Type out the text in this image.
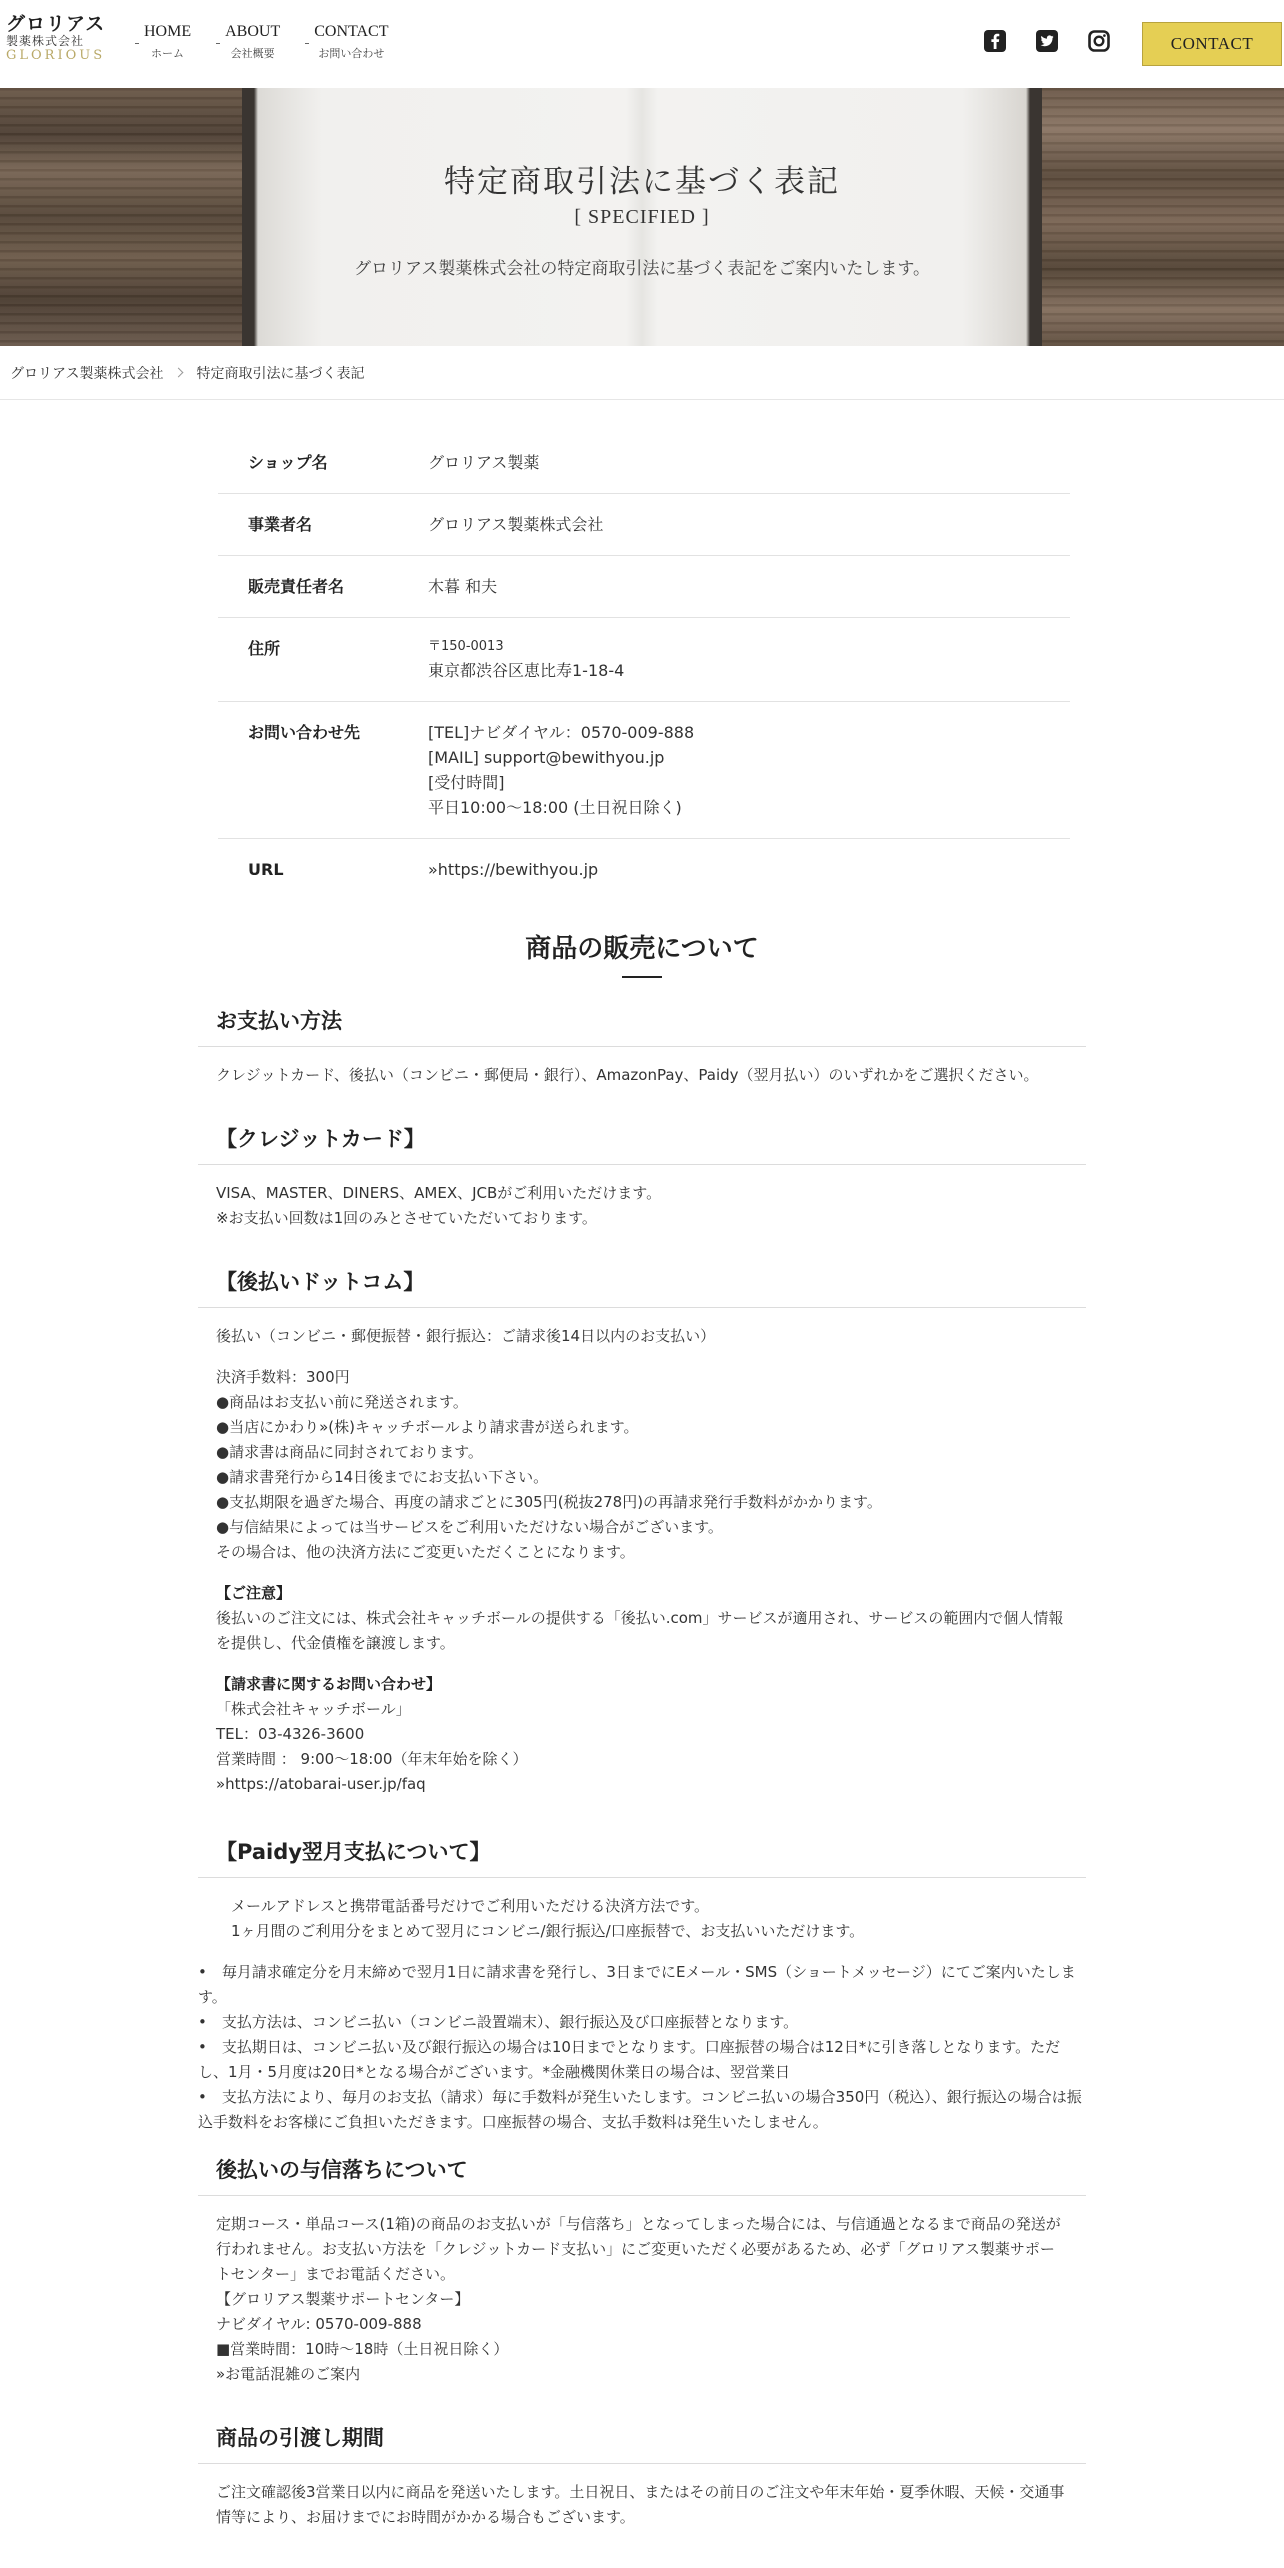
グロリアス
製薬株式会社
GLORIOUS
HOME
ホーム
ABOUT
会社概要
CONTACT
お問い合わせ
CONTACT
特定商取引法に基づく表記
[ SPECIFIED ]
グロリアス製薬株式会社の特定商取引法に基づく表記をご案内いたします。
グロリアス製薬株式会社 特定商取引法に基づく表記
ショップ名	グロリアス製薬
事業者名	グロリアス製薬株式会社
販売責任者名	木暮 和夫
住所	〒150-0013
東京都渋谷区恵比寿1-18-4
お問い合わせ先	[TEL]ナビダイヤル：0570-009-888
[MAIL] support@bewithyou.jp
[受付時間]
平日10:00〜18:00 (土日祝日除く)
URL	»https://bewithyou.jp
商品の販売について
お支払い方法
クレジットカード、後払い（コンビニ・郵便局・銀行）、AmazonPay、Paidy（翌月払い）のいずれかをご選択ください。
【クレジットカード】
VISA、MASTER、DINERS、AMEX、JCBがご利用いただけます。
※お支払い回数は1回のみとさせていただいております。
【後払いドットコム】
後払い（コンビニ・郵便振替・銀行振込：ご請求後14日以内のお支払い）
決済手数料：300円
●商品はお支払い前に発送されます。
●当店にかわり»(株)キャッチボールより請求書が送られます。
●請求書は商品に同封されております。
●請求書発行から14日後までにお支払い下さい。
●支払期限を過ぎた場合、再度の請求ごとに305円(税抜278円)の再請求発行手数料がかかります。
●与信結果によっては当サービスをご利用いただけない場合がございます。
その場合は、他の決済方法にご変更いただくことになります。
【ご注意】
後払いのご注文には、株式会社キャッチボールの提供する「後払い.com」サービスが適用され、サービスの範囲内で個人情報を提供し、代金債権を譲渡します。
【請求書に関するお問い合わせ】
「株式会社キャッチボール」
TEL：03-4326-3600
営業時間 ： 9:00～18:00（年末年始を除く）
»https://atobarai-user.jp/faq
【Paidy翌月支払について】
メールアドレスと携帯電話番号だけでご利用いただける決済方法です。
1ヶ月間のご利用分をまとめて翌月にコンビニ/銀行振込/口座振替で、お支払いいただけます。
•　毎月請求確定分を月末締めで翌月1日に請求書を発行し、3日までにEメール・SMS（ショートメッセージ）にてご案内いたします。
•　支払方法は、コンビニ払い（コンビニ設置端末）、銀行振込及び口座振替となります。
•　支払期日は、コンビニ払い及び銀行振込の場合は10日までとなります。口座振替の場合は12日*に引き落しとなります。ただし、1月・5月度は20日*となる場合がございます。*金融機関休業日の場合は、翌営業日
•　支払方法により、毎月のお支払（請求）毎に手数料が発生いたします。コンビニ払いの場合350円（税込）、銀行振込の場合は振込手数料をお客様にご負担いただきます。口座振替の場合、支払手数料は発生いたしません。
後払いの与信落ちについて
定期コース・単品コース(1箱)の商品のお支払いが「与信落ち」となってしまった場合には、与信通過となるまで商品の発送が行われません。お支払い方法を「クレジットカード支払い」にご変更いただく必要があるため、必ず「グロリアス製薬サポートセンター」までお電話ください。
【グロリアス製薬サポートセンター】
ナビダイヤル: 0570-009-888
■営業時間：10時～18時（土日祝日除く）
»お電話混雑のご案内
商品の引渡し期間
ご注文確認後3営業日以内に商品を発送いたします。土日祝日、またはその前日のご注文や年末年始・夏季休暇、天候・交通事情等により、お届けまでにお時間がかかる場合もございます。
